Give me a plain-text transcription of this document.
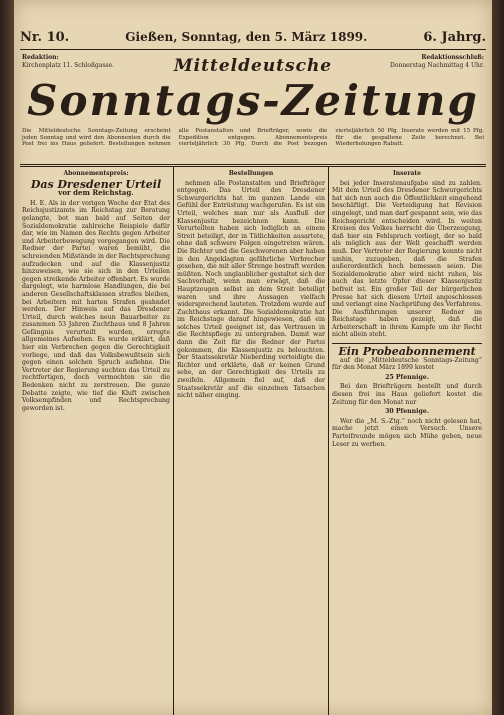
Nr. 10.	Gießen, Sonntag, den 5. März 1899.	6. Jahrg.
Redaktion:
Kirchenplatz 11. Schloßgasse.
Redaktionsschluß:
Donnerstag Nachmittag 4 Uhr.
Mitteldeutsche
Sonntags-Zeitung
Die Mitteldeutsche Sonntags-Zeitung erscheint jeden Sonntag und wird den Abonnenten durch die Post frei ins Haus geliefert. Bestellungen nehmen alle Postanstalten und Briefträger, sowie die Expedition entgegen. Abonnementspreis vierteljährlich 30 Pfg. Durch die Post bezogen vierteljährlich 50 Pfg. Inserate werden mit 15 Pfg. für die gespaltene Zeile berechnet. Bei Wiederholungen Rabatt.
Abonnementspreis:
Das Dresdener Urteil
vor dem Reichstag.

H. E. Als in der vorigen Woche der Etat des Reichsjustizamts im Reichstag zur Beratung gelangte, bot man bald auf Seiten der Sozialdemokratie zahlreiche Beispiele dafür dar, wie im Namen des Rechts gegen Arbeiter und Arbeiterbewegung vorgegangen wird. Die Redner der Partei waren bemüht, die schreienden Mißstände in der Rechtsprechung aufzudecken und auf die Klassenjustiz hinzuweisen, wie sie sich in den Urteilen gegen streikende Arbeiter offenbart. Es wurde dargelegt, wie harmlose Handlungen, die bei anderen Gesellschaftsklassen straflos bleiben, bei Arbeitern mit harten Strafen geahndet werden. Der Hinweis auf das Dresdener Urteil, durch welches neun Bauarbeiter zu zusammen 53 Jahren Zuchthaus und 8 Jahren Gefängnis verurteilt wurden, erregte allgemeines Aufsehen. Es wurde erklärt, daß hier ein Verbrechen gegen die Gerechtigkeit vorliege, und daß das Volksbewußtsein sich gegen einen solchen Spruch auflehne. Die Vertreter der Regierung suchten das Urteil zu rechtfertigen, doch vermochten sie die Bedenken nicht zu zerstreuen. Die ganze Debatte zeigte, wie tief die Kluft zwischen Volksempfinden und Rechtsprechung geworden ist.

Bestellungen

nehmen alle Postanstalten und Briefträger entgegen. Das Urteil des Dresdener Schwurgerichts hat im ganzen Lande ein Gefühl der Entrüstung wachgerufen. Es ist ein Urteil, welches man nur als Ausfluß der Klassenjustiz bezeichnen kann. Die Verurteilten haben sich lediglich an einem Streit beteiligt, der in Tätlichkeiten ausartete, ohne daß schwere Folgen eingetreten wären. Die Richter und die Geschworenen aber haben in den Angeklagten gefährliche Verbrecher gesehen, die mit aller Strenge bestraft werden müßten. Noch unglaublicher gestaltet sich der Sachverhalt, wenn man erwägt, daß die Hauptzeugen selbst an dem Streit beteiligt waren und ihre Aussagen vielfach widersprechend lauteten. Trotzdem wurde auf Zuchthaus erkannt. Die Sozialdemokratie hat im Reichstage darauf hingewiesen, daß ein solches Urteil geeignet ist, das Vertrauen in die Rechtspflege zu untergraben. Damit war dann die Zeit für die Redner der Partei gekommen, die Klassenjustiz zu beleuchten. Der Staatssekretär Nieberding verteidigte die Richter und erklärte, daß er keinen Grund sehe, an der Gerechtigkeit des Urteils zu zweifeln. Allgemein fiel auf, daß der Staatssekretär auf die einzelnen Tatsachen nicht näher einging.

Inserate

bei jeder Inseratenaufgabe sind zu zahlen. Mit dem Urteil des Dresdener Schwurgerichts hat sich nun auch die Öffentlichkeit eingehend beschäftigt. Die Verteidigung hat Revision eingelegt, und man darf gespannt sein, wie das Reichsgericht entscheiden wird. In weiten Kreisen des Volkes herrscht die Überzeugung, daß hier ein Fehlspruch vorliegt, der so bald als möglich aus der Welt geschafft werden muß. Der Vertreter der Regierung konnte nicht umhin, zuzugeben, daß die Strafen außerordentlich hoch bemessen seien. Die Sozialdemokratie aber wird nicht ruhen, bis auch das letzte Opfer dieser Klassenjustiz befreit ist. Ein großer Teil der bürgerlichen Presse hat sich diesem Urteil angeschlossen und verlangt eine Nachprüfung des Verfahrens. Die Ausführungen unserer Redner im Reichstage haben gezeigt, daß die Arbeiterschaft in ihrem Kampfe um ihr Recht nicht allein steht.

Ein Probeabonnement

auf die „Mitteldeutsche Sonntags-Zeitung“ für den Monat März 1899 kostet

25 Pfennige.

Bei den Briefträgern bestellt und durch diesen frei ins Haus geliefert kostet die Zeitung für den Monat nur

30 Pfennige.

Wer die „M. S.-Ztg.“ noch nicht gelesen hat, mache jetzt einen Versuch. Unsere Parteifreunde mögen sich Mühe geben, neue Leser zu werben.
